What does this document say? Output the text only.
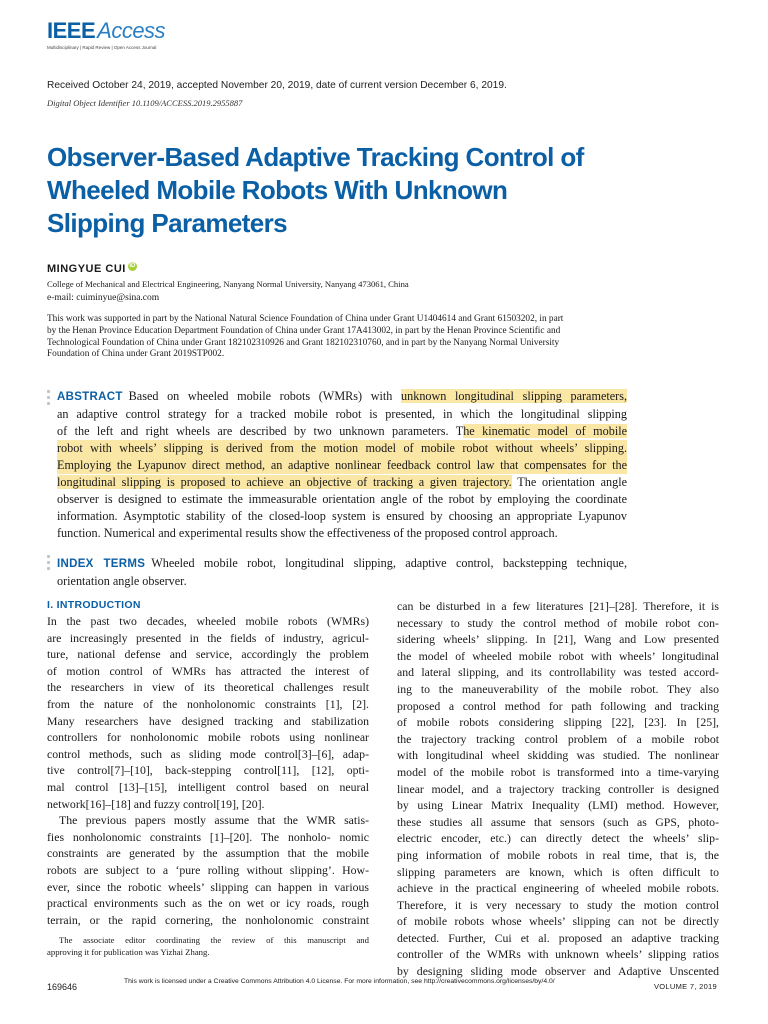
IEEEAccess
Multidisciplinary | Rapid Review | Open Access Journal
Received October 24, 2019, accepted November 20, 2019, date of current version December 6, 2019.
Digital Object Identifier 10.1109/ACCESS.2019.2955887
Observer-Based Adaptive Tracking Control of
Wheeled Mobile Robots With Unknown
Slipping Parameters
MINGYUE CUI iD
College of Mechanical and Electrical Engineering, Nanyang Normal University, Nanyang 473061, China
e-mail: cuiminyue@sina.com
This work was supported in part by the National Natural Science Foundation of China under Grant U1404614 and Grant 61503202, in part
by the Henan Province Education Department Foundation of China under Grant 17A413002, in part by the Henan Province Scientific and
Technological Foundation of China under Grant 182102310926 and Grant 182102310760, and in part by the Nanyang Normal University
Foundation of China under Grant 2019STP002.
ABSTRACT Based on wheeled mobile robots (WMRs) with unknown longitudinal slipping parameters,
an adaptive control strategy for a tracked mobile robot is presented, in which the longitudinal slipping
of the left and right wheels are described by two unknown parameters. The kinematic model of mobile
robot with wheels’ slipping is derived from the motion model of mobile robot without wheels’ slipping.
Employing the Lyapunov direct method, an adaptive nonlinear feedback control law that compensates for the
longitudinal slipping is proposed to achieve an objective of tracking a given trajectory. The orientation angle
observer is designed to estimate the immeasurable orientation angle of the robot by employing the coordinate
information. Asymptotic stability of the closed-loop system is ensured by choosing an appropriate Lyapunov
function. Numerical and experimental results show the effectiveness of the proposed control approach.
INDEX TERMS Wheeled mobile robot, longitudinal slipping, adaptive control, backstepping technique,
orientation angle observer.
I. INTRODUCTION
In the past two decades, wheeled mobile robots (WMRs)
are increasingly presented in the fields of industry, agricul-
ture, national defense and service, accordingly the problem
of motion control of WMRs has attracted the interest of
the researchers in view of its theoretical challenges result
from the nature of the nonholonomic constraints [1], [2].
Many researchers have designed tracking and stabilization
controllers for nonholonomic mobile robots using nonlinear
control methods, such as sliding mode control[3]–[6], adap-
tive control[7]–[10], back-stepping control[11], [12], opti-
mal control [13]–[15], intelligent control based on neural
network[16]–[18] and fuzzy control[19], [20].
The previous papers mostly assume that the WMR satis-
fies nonholonomic constraints [1]–[20]. The nonholo- nomic
constraints are generated by the assumption that the mobile
robots are subject to a ‘pure rolling without slipping’. How-
ever, since the robotic wheels’ slipping can happen in various
practical environments such as the on wet or icy roads, rough
terrain, or the rapid cornering, the nonholonomic constraint
can be disturbed in a few literatures [21]–[28]. Therefore, it is
necessary to study the control method of mobile robot con-
sidering wheels’ slipping. In [21], Wang and Low presented
the model of wheeled mobile robot with wheels’ longitudinal
and lateral slipping, and its controllability was tested accord-
ing to the maneuverability of the mobile robot. They also
proposed a control method for path following and tracking
of mobile robots considering slipping [22], [23]. In [25],
the trajectory tracking control problem of a mobile robot
with longitudinal wheel skidding was studied. The nonlinear
model of the mobile robot is transformed into a time-varying
linear model, and a trajectory tracking controller is designed
by using Linear Matrix Inequality (LMI) method. However,
these studies all assume that sensors (such as GPS, photo-
electric encoder, etc.) can directly detect the wheels’ slip-
ping information of mobile robots in real time, that is, the
slipping parameters are known, which is often difficult to
achieve in the practical engineering of wheeled mobile robots.
Therefore, it is very necessary to study the motion control
of mobile robots whose wheels’ slipping can not be directly
detected. Further, Cui et al. proposed an adaptive tracking
controller of the WMRs with unknown wheels’ slipping ratios
by designing sliding mode observer and Adaptive Unscented
The associate editor coordinating the review of this manuscript and
approving it for publication was Yizhai Zhang.
169646
This work is licensed under a Creative Commons Attribution 4.0 License. For more information, see http://creativecommons.org/licenses/by/4.0/
VOLUME 7, 2019
